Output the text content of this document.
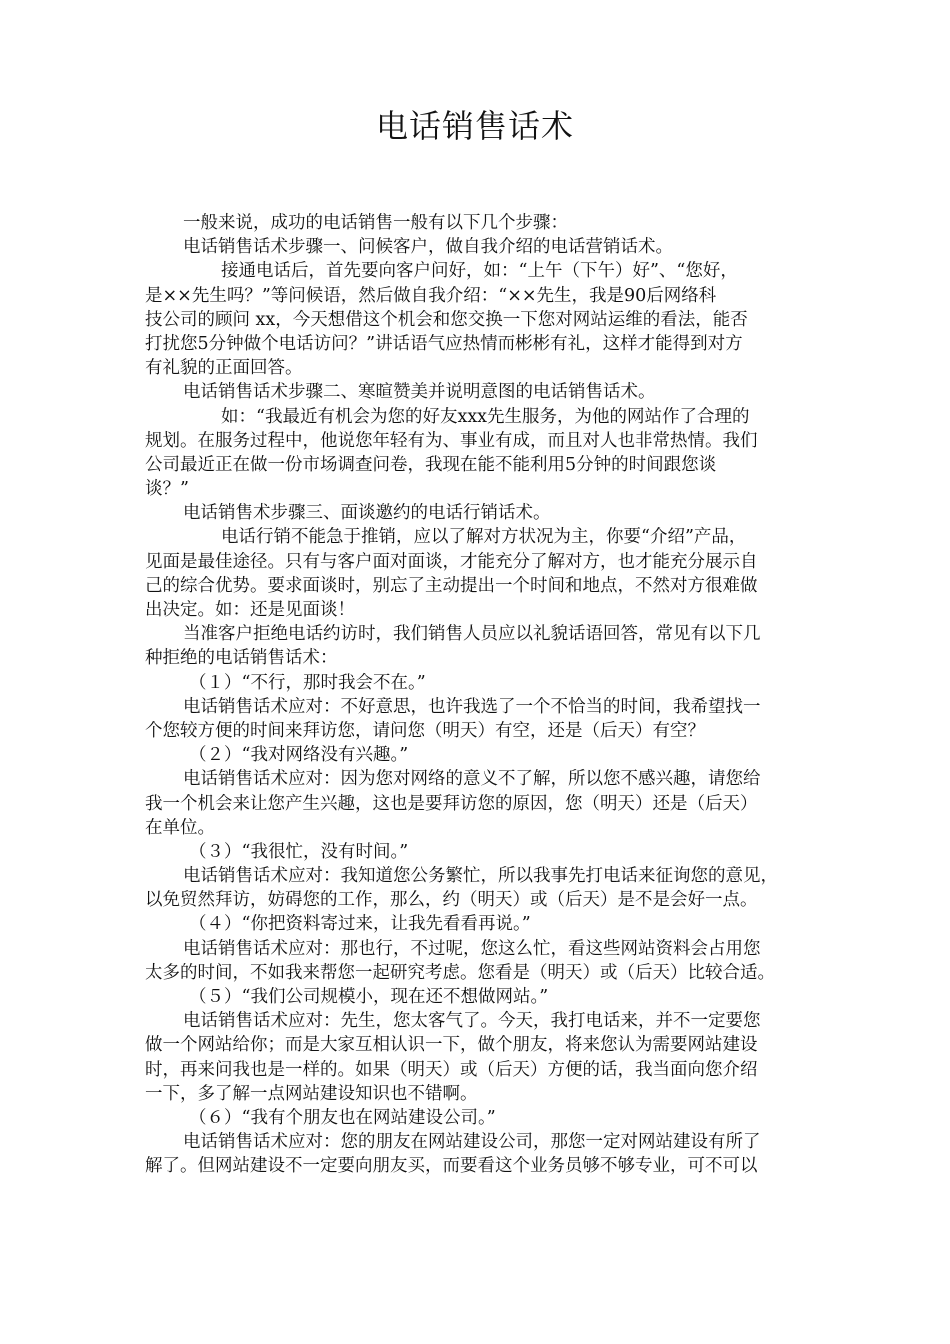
电话销售话术
一般来说，成功的电话销售一般有以下几个步骤：
电话销售话术步骤一、问候客户，做自我介绍的电话营销话术。
接通电话后，首先要向客户问好，如：“上午（下午）好”、“您好，
是××先生吗？”等问候语，然后做自我介绍：“××先生，我是90后网络科
技公司的顾问 xx，今天想借这个机会和您交换一下您对网站运维的看法，能否
打扰您5分钟做个电话访问？”讲话语气应热情而彬彬有礼，这样才能得到对方
有礼貌的正面回答。
电话销售话术步骤二、寒暄赞美并说明意图的电话销售话术。
如：“我最近有机会为您的好友xxx先生服务，为他的网站作了合理的
规划。在服务过程中，他说您年轻有为、事业有成，而且对人也非常热情。我们
公司最近正在做一份市场调查问卷，我现在能不能利用5分钟的时间跟您谈
谈？”
电话销售术步骤三、面谈邀约的电话行销话术。
电话行销不能急于推销，应以了解对方状况为主，你要“介绍”产品，
见面是最佳途径。只有与客户面对面谈，才能充分了解对方，也才能充分展示自
己的综合优势。要求面谈时，别忘了主动提出一个时间和地点，不然对方很难做
出决定。如：还是见面谈！
当准客户拒绝电话约访时，我们销售人员应以礼貌话语回答，常见有以下几
种拒绝的电话销售话术：
（１）“不行，那时我会不在。”
电话销售话术应对：不好意思，也许我选了一个不恰当的时间，我希望找一
个您较方便的时间来拜访您，请问您（明天）有空，还是（后天）有空？
（２）“我对网络没有兴趣。”
电话销售话术应对：因为您对网络的意义不了解，所以您不感兴趣，请您给
我一个机会来让您产生兴趣，这也是要拜访您的原因，您（明天）还是（后天）
在单位。
（３）“我很忙，没有时间。”
电话销售话术应对：我知道您公务繁忙，所以我事先打电话来征询您的意见，
以免贸然拜访，妨碍您的工作，那么，约（明天）或（后天）是不是会好一点。
（４）“你把资料寄过来，让我先看看再说。”
电话销售话术应对：那也行，不过呢，您这么忙，看这些网站资料会占用您
太多的时间，不如我来帮您一起研究考虑。您看是（明天）或（后天）比较合适。
（５）“我们公司规模小，现在还不想做网站。”
电话销售话术应对：先生，您太客气了。今天，我打电话来，并不一定要您
做一个网站给你；而是大家互相认识一下，做个朋友，将来您认为需要网站建设
时，再来问我也是一样的。如果（明天）或（后天）方便的话，我当面向您介绍
一下，多了解一点网站建设知识也不错啊。
（６）“我有个朋友也在网站建设公司。”
电话销售话术应对：您的朋友在网站建设公司，那您一定对网站建设有所了
解了。但网站建设不一定要向朋友买，而要看这个业务员够不够专业，可不可以
